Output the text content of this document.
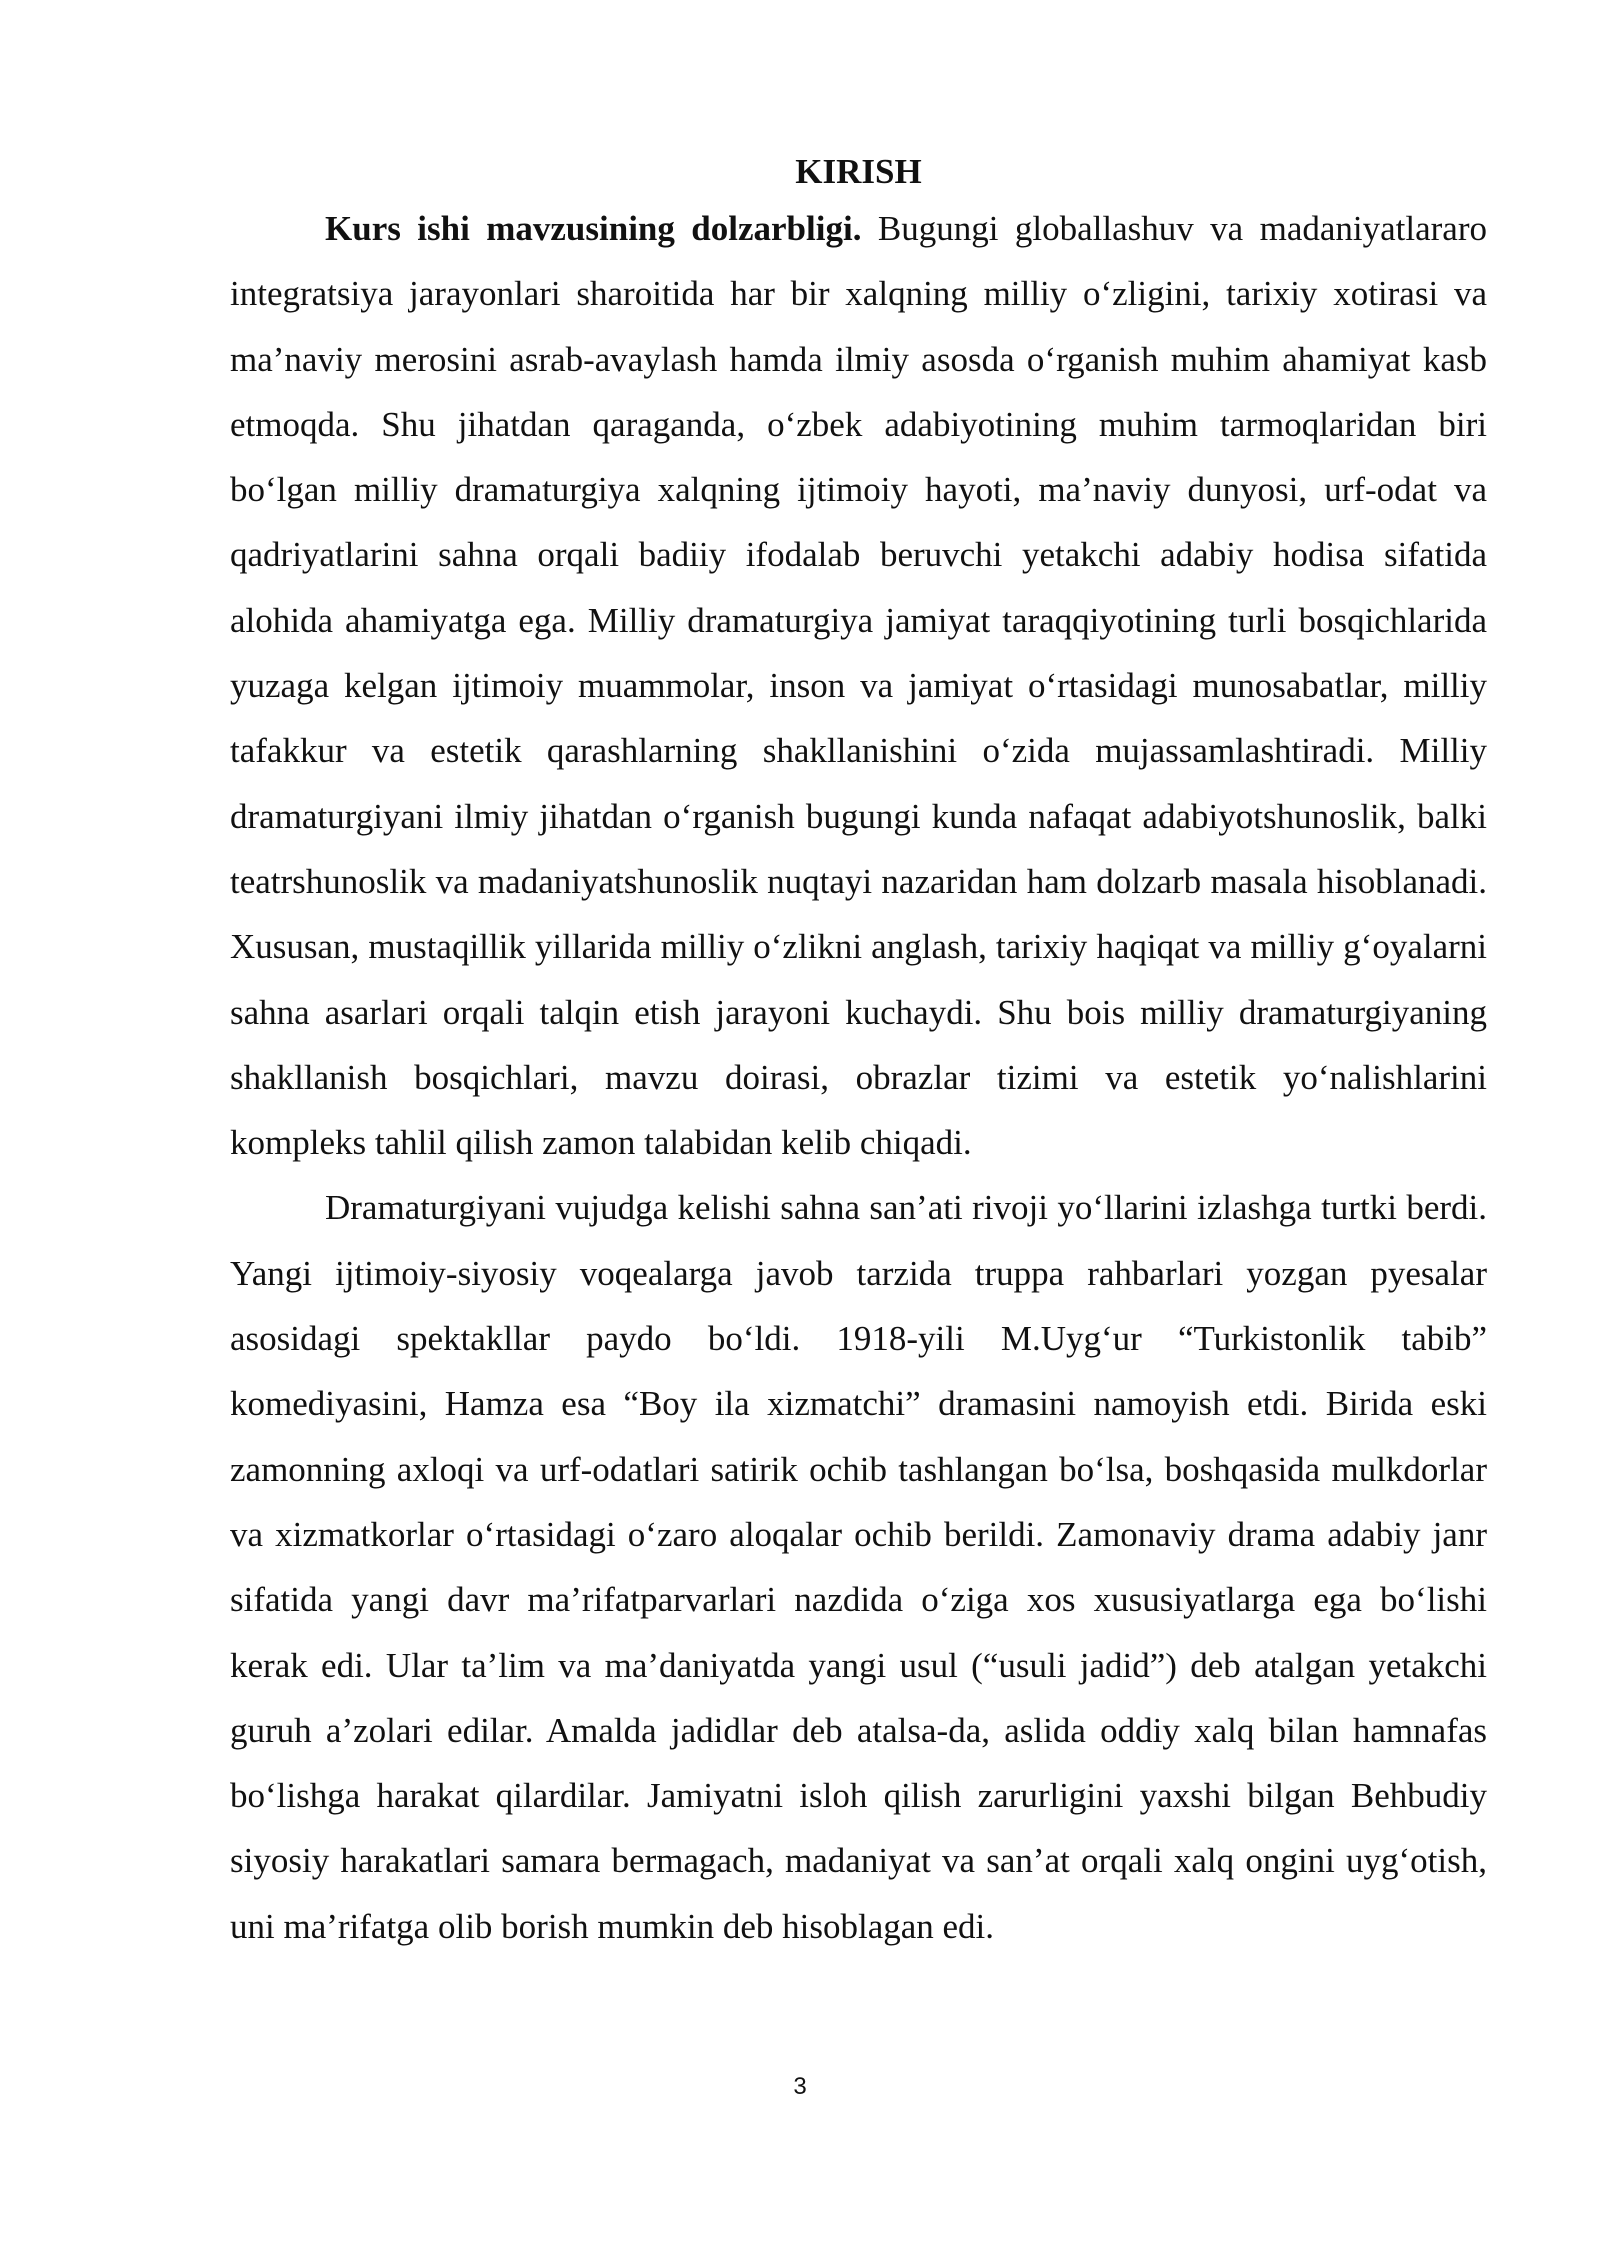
KIRISH

Kurs ishi mavzusining dolzarbligi. Bugungi globallashuv va madaniyatlararo integratsiya jarayonlari sharoitida har bir xalqning milliy o‘zligini, tarixiy xotirasi va ma’naviy merosini asrab-avaylash hamda ilmiy asosda o‘rganish muhim ahamiyat kasb etmoqda. Shu jihatdan qaraganda, o‘zbek adabiyotining muhim tarmoqlaridan biri bo‘lgan milliy dramaturgiya xalqning ijtimoiy hayoti, ma’naviy dunyosi, urf-odat va qadriyatlarini sahna orqali badiiy ifodalab beruvchi yetakchi adabiy hodisa sifatida alohida ahamiyatga ega. Milliy dramaturgiya jamiyat taraqqiyotining turli bosqichlarida yuzaga kelgan ijtimoiy muammolar, inson va jamiyat o‘rtasidagi munosabatlar, milliy tafakkur va estetik qarashlarning shakllanishini o‘zida mujassamlashtiradi. Milliy dramaturgiyani ilmiy jihatdan o‘rganish bugungi kunda nafaqat adabiyotshunoslik, balki teatrshunoslik va madaniyatshunoslik nuqtayi nazaridan ham dolzarb masala hisoblanadi. Xususan, mustaqillik yillarida milliy o‘zlikni anglash, tarixiy haqiqat va milliy g‘oyalarni sahna asarlari orqali talqin etish jarayoni kuchaydi. Shu bois milliy dramaturgiyaning shakllanish bosqichlari, mavzu doirasi, obrazlar tizimi va estetik yo‘nalishlarini kompleks tahlil qilish zamon talabidan kelib chiqadi.

Dramaturgiyani vujudga kelishi sahna san’ati rivoji yo‘llarini izlashga turtki berdi. Yangi ijtimoiy-siyosiy voqealarga javob tarzida truppa rahbarlari yozgan pyesalar asosidagi spektakllar paydo bo‘ldi. 1918-yili M.Uyg‘ur “Turkistonlik tabib” komediyasini, Hamza esa “Boy ila xizmatchi” dramasini namoyish etdi. Birida eski zamonning axloqi va urf-odatlari satirik ochib tashlangan bo‘lsa, boshqasida mulkdorlar va xizmatkorlar o‘rtasidagi o‘zaro aloqalar ochib berildi. Zamonaviy drama adabiy janr sifatida yangi davr ma’rifatparvarlari nazdida o‘ziga xos xususiyatlarga ega bo‘lishi kerak edi. Ular ta’lim va ma’daniyatda yangi usul (“usuli jadid”) deb atalgan yetakchi guruh a’zolari edilar. Amalda jadidlar deb atalsa-da, aslida oddiy xalq bilan hamnafas bo‘lishga harakat qilardilar. Jamiyatni isloh qilish zarurligini yaxshi bilgan Behbudiy siyosiy harakatlari samara bermagach, madaniyat va san’at orqali xalq ongini uyg‘otish, uni ma’rifatga olib borish mumkin deb hisoblagan edi.

3
